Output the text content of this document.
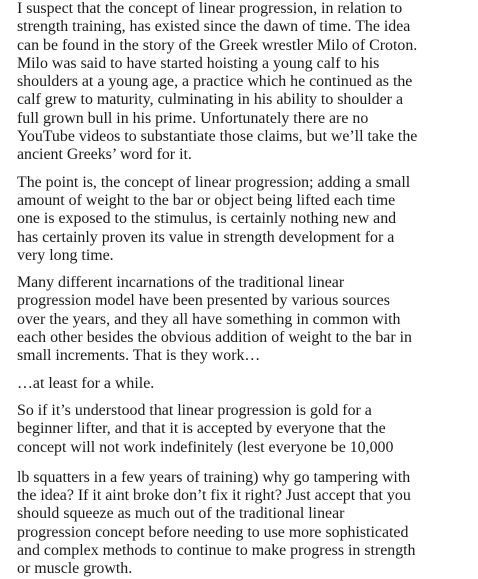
I suspect that the concept of linear progression, in relation to
strength training, has existed since the dawn of time. The idea
can be found in the story of the Greek wrestler Milo of Croton.
Milo was said to have started hoisting a young calf to his
shoulders at a young age, a practice which he continued as the
calf grew to maturity, culminating in his ability to shoulder a
full grown bull in his prime. Unfortunately there are no
YouTube videos to substantiate those claims, but we’ll take the
ancient Greeks’ word for it.
The point is, the concept of linear progression; adding a small
amount of weight to the bar or object being lifted each time
one is exposed to the stimulus, is certainly nothing new and
has certainly proven its value in strength development for a
very long time.
Many different incarnations of the traditional linear
progression model have been presented by various sources
over the years, and they all have something in common with
each other besides the obvious addition of weight to the bar in
small increments. That is they work…
…at least for a while.
So if it’s understood that linear progression is gold for a
beginner lifter, and that it is accepted by everyone that the
concept will not work indefinitely (lest everyone be 10,000
lb squatters in a few years of training) why go tampering with
the idea? If it aint broke don’t fix it right? Just accept that you
should squeeze as much out of the traditional linear
progression concept before needing to use more sophisticated
and complex methods to continue to make progress in strength
or muscle growth.
